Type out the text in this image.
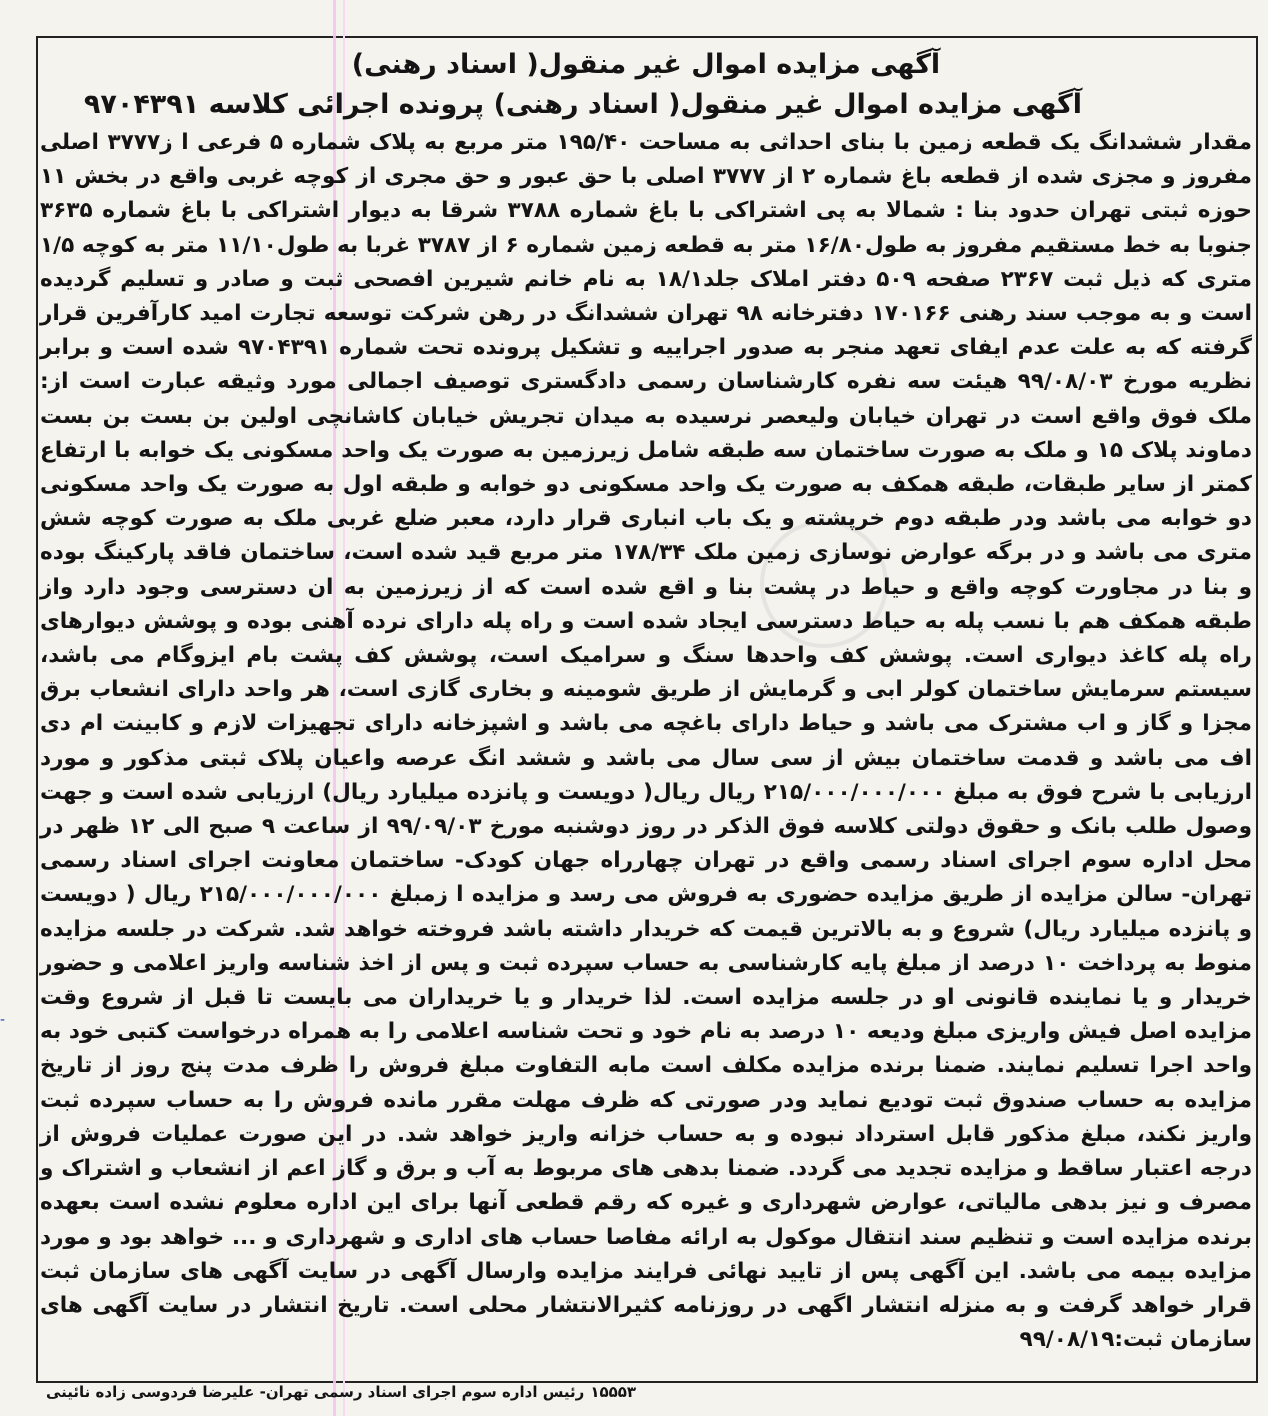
‐
آگهی مزایده اموال غیر منقول( اسناد رهنی)
آگهی مزایده اموال غیر منقول( اسناد رهنی) پرونده اجرائی کلاسه ۹۷۰۴۳۹۱

مقدار ششدانگ یک قطعه زمین با بنای احداثی به مساحت ۱۹۵/۴۰ متر مربع به پلاک شماره ۵ فرعی ا ز۳۷۷۷ اصلی مفروز و مجزی شده از قطعه باغ شماره ۲ از ۳۷۷۷ اصلی با حق عبور و حق مجری از کوچه غربی واقع در بخش ۱۱ حوزه ثبتی تهران حدود بنا : شمالا به پی اشتراکی با باغ شماره ۳۷۸۸ شرقا به دیوار اشتراکی با باغ شماره ۳۶۳۵ جنوبا به خط مستقیم مفروز به طول۱۶/۸۰ متر به قطعه زمین شماره ۶ از ۳۷۸۷ غربا به طول۱۱/۱۰ متر به کوچه ۱/۵ متری که ذیل ثبت ۲۳۶۷ صفحه ۵۰۹ دفتر املاک جلد۱۸/۱ به نام خانم شیرین افصحی ثبت و صادر و تسلیم گردیده است و به موجب سند رهنی ۱۷۰۱۶۶ دفترخانه ۹۸ تهران ششدانگ در رهن شرکت توسعه تجارت امید کارآفرین قرار گرفته که به علت عدم ایفای تعهد منجر به صدور اجراییه و تشکیل پرونده تحت شماره ۹۷۰۴۳۹۱ شده است و برابر نظریه مورخ ۹۹/۰۸/۰۳ هیئت سه نفره کارشناسان رسمی دادگستری توصیف اجمالی مورد وثیقه عبارت است از: ملک فوق واقع است در تهران خیابان ولیعصر نرسیده به میدان تجریش خیابان کاشانچی اولین بن بست بن بست دماوند پلاک ۱۵ و ملک به صورت ساختمان سه طبقه شامل زیرزمین به صورت یک واحد مسکونی یک خوابه با ارتفاع کمتر از سایر طبقات، طبقه همکف به صورت یک واحد مسکونی دو خوابه و طبقه اول به صورت یک واحد مسکونی دو خوابه می باشد ودر طبقه دوم خرپشته و یک باب انباری قرار دارد، معبر ضلع غربی ملک به صورت کوچه شش متری می باشد و در برگه عوارض نوسازی زمین ملک ۱۷۸/۳۴ متر مربع قید شده است، ساختمان فاقد پارکینگ بوده و بنا در مجاورت کوچه واقع و حیاط در پشت بنا و اقع شده است که از زیرزمین به ان دسترسی وجود دارد واز طبقه همکف هم با نسب پله به حیاط دسترسی ایجاد شده است و راه پله دارای نرده آهنی بوده و پوشش دیوارهای راه پله کاغذ دیواری است. پوشش کف واحدها سنگ و سرامیک است، پوشش کف پشت بام ایزوگام می باشد، سیستم سرمایش ساختمان کولر ابی و گرمایش از طریق شومینه و بخاری گازی است، هر واحد دارای انشعاب برق مجزا و گاز و اب مشترک می باشد و حیاط دارای باغچه می باشد و اشپزخانه دارای تجهیزات لازم و کابینت ام دی اف می باشد و قدمت ساختمان بیش از سی سال می باشد و ششد انگ عرصه واعیان پلاک ثبتی مذکور و مورد ارزیابی با شرح فوق به مبلغ ۲۱۵/۰۰۰/۰۰۰/۰۰۰ ریال ریال( دویست و پانزده میلیارد ریال) ارزیابی شده است و جهت وصول طلب بانک و حقوق دولتی کلاسه فوق الذکر در روز دوشنبه مورخ ۹۹/۰۹/۰۳ از ساعت ۹ صبح الی ۱۲ ظهر در محل اداره سوم اجرای اسناد رسمی واقع در تهران چهارراه جهان کودک- ساختمان معاونت اجرای اسناد رسمی تهران- سالن مزایده از طریق مزایده حضوری به فروش می رسد و مزایده ا زمبلغ ۲۱۵/۰۰۰/۰۰۰/۰۰۰ ریال ( دویست و پانزده میلیارد ریال) شروع و به بالاترین قیمت که خریدار داشته باشد فروخته خواهد شد. شرکت در جلسه مزایده منوط به پرداخت ۱۰ درصد از مبلغ پایه کارشناسی به حساب سپرده ثبت و پس از اخذ شناسه واریز اعلامی و حضور خریدار و یا نماینده قانونی او در جلسه مزایده است. لذا خریدار و یا خریداران می بایست تا قبل از شروع وقت مزایده اصل فیش واریزی مبلغ ودیعه ۱۰ درصد به نام خود و تحت شناسه اعلامی را به همراه درخواست کتبی خود به واحد اجرا تسلیم نمایند. ضمنا برنده مزایده مکلف است مابه التفاوت مبلغ فروش را ظرف مدت پنج روز از تاریخ مزایده به حساب صندوق ثبت تودیع نماید ودر صورتی که ظرف مهلت مقرر مانده فروش را به حساب سپرده ثبت واریز نکند، مبلغ مذکور قابل استرداد نبوده و به حساب خزانه واریز خواهد شد. در این صورت عملیات فروش از درجه اعتبار ساقط و مزایده تجدید می گردد. ضمنا بدهی های مربوط به آب و برق و گاز اعم از انشعاب و اشتراک و مصرف و نیز بدهی مالیاتی، عوارض شهرداری و غیره که رقم قطعی آنها برای این اداره معلوم نشده است بعهده برنده مزایده است و تنظیم سند انتقال موکول به ارائه مفاصا حساب های اداری و شهرداری و ... خواهد بود و مورد مزایده بیمه می باشد. این آگهی پس از تایید نهائی فرایند مزایده وارسال آگهی در سایت آگهی های سازمان ثبت قرار خواهد گرفت و به منزله انتشار اگهی در روزنامه کثیرالانتشار محلی است. تاریخ انتشار در سایت آگهی های سازمان ثبت:۹۹/۰۸/۱۹

۱۵۵۵۳رئیس اداره سوم اجرای اسناد رسمی تهران- علیرضا فردوسی زاده نائینی
